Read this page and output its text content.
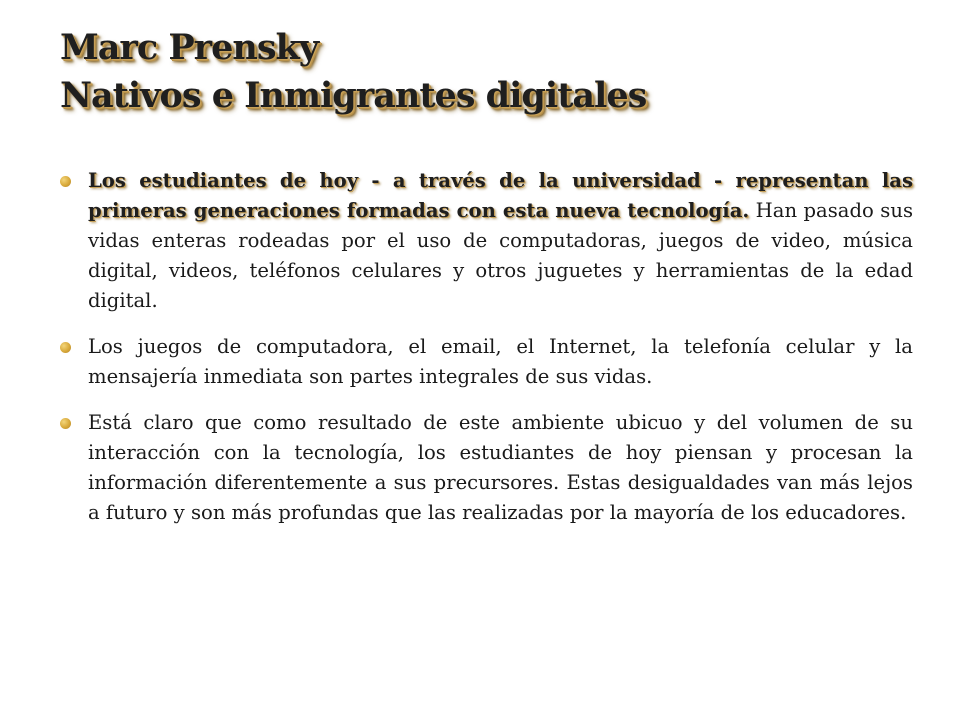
Marc Prensky
Nativos e Inmigrantes digitales
Los estudiantes de hoy - a través de la universidad - representan las primeras generaciones formadas con esta nueva tecnología. Han pasado sus vidas enteras rodeadas por el uso de computadoras, juegos de video, música digital, videos, teléfonos celulares y otros juguetes y herramientas de la edad digital.
Los juegos de computadora, el email, el Internet, la telefonía celular y la mensajería inmediata son partes integrales de sus vidas.
Está claro que como resultado de este ambiente ubicuo y del volumen de su interacción con la tecnología, los estudiantes de hoy piensan y procesan la información diferentemente a sus precursores. Estas desigualdades van más lejos a futuro y son más profundas que las realizadas por la mayoría de los educadores.
